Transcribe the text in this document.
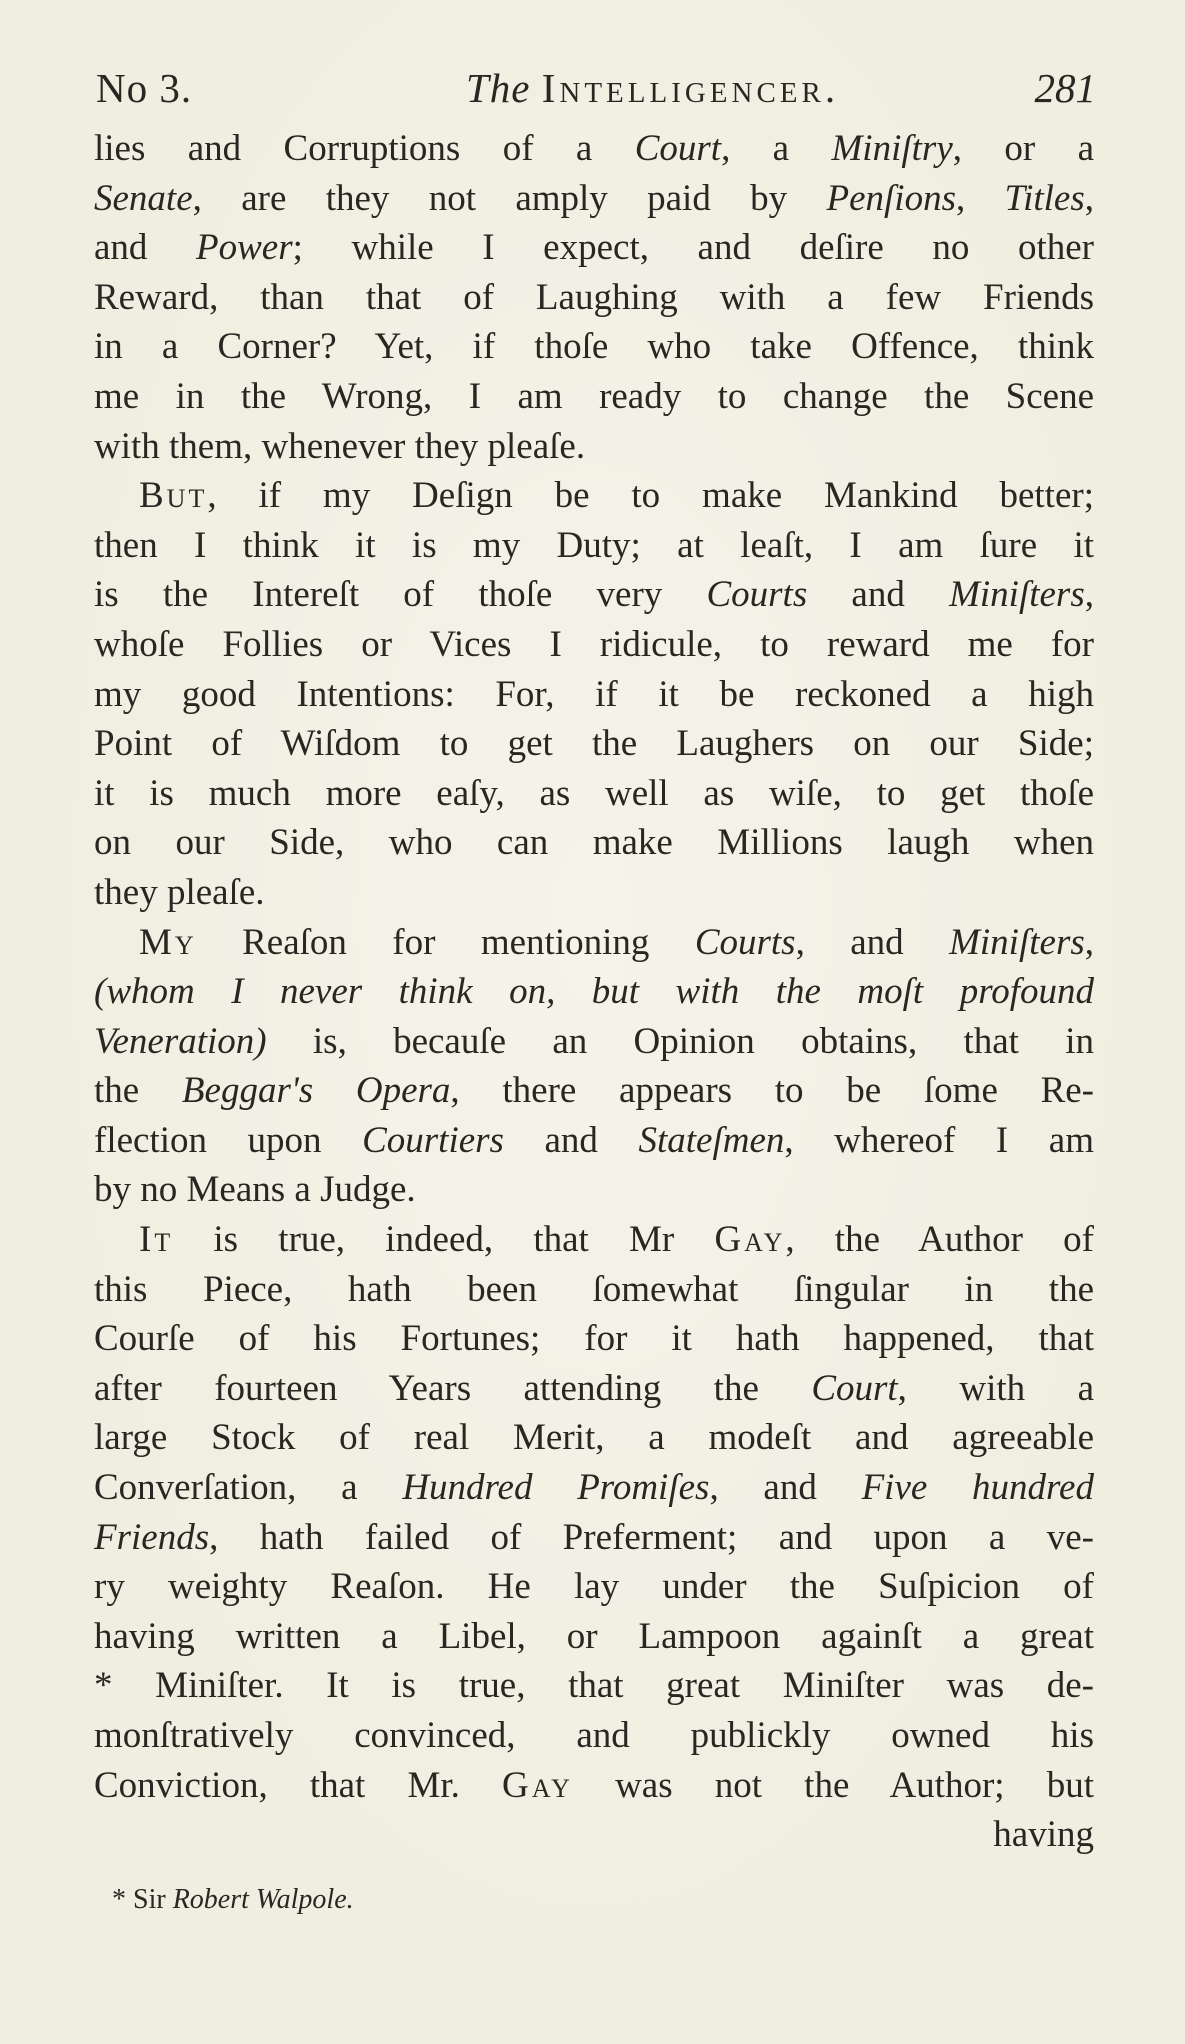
No 3.	The Intelligencer.	281
lies and Corruptions of a Court, a Miniſtry, or a
Senate, are they not amply paid by Penſions, Titles,
and Power; while I expect, and deſire no other
Reward, than that of Laughing with a few Friends
in a Corner? Yet, if thoſe who take Offence, think
me in the Wrong, I am ready to change the Scene
with them, whenever they pleaſe.
But, if my Deſign be to make Mankind better;
then I think it is my Duty; at leaſt, I am ſure it
is the Intereſt of thoſe very Courts and Miniſters,
whoſe Follies or Vices I ridicule, to reward me for
my good Intentions: For, if it be reckoned a high
Point of Wiſdom to get the Laughers on our Side;
it is much more eaſy, as well as wiſe, to get thoſe
on our Side, who can make Millions laugh when
they pleaſe.
My Reaſon for mentioning Courts, and Miniſters,
(whom I never think on, but with the moſt profound
Veneration) is, becauſe an Opinion obtains, that in
the Beggar's Opera, there appears to be ſome Re-
flection upon Courtiers and Stateſmen, whereof I am
by no Means a Judge.
It is true, indeed, that Mr Gay, the Author of
this Piece, hath been ſomewhat ſingular in the
Courſe of his Fortunes; for it hath happened, that
after fourteen Years attending the Court, with a
large Stock of real Merit, a modeſt and agreeable
Converſation, a Hundred Promiſes, and Five hundred
Friends, hath failed of Preferment; and upon a ve-
ry weighty Reaſon. He lay under the Suſpicion of
having written a Libel, or Lampoon againſt a great
* Miniſter. It is true, that great Miniſter was de-
monſtratively convinced, and publickly owned his
Conviction, that Mr. Gay was not the Author; but
having
* Sir Robert Walpole.
